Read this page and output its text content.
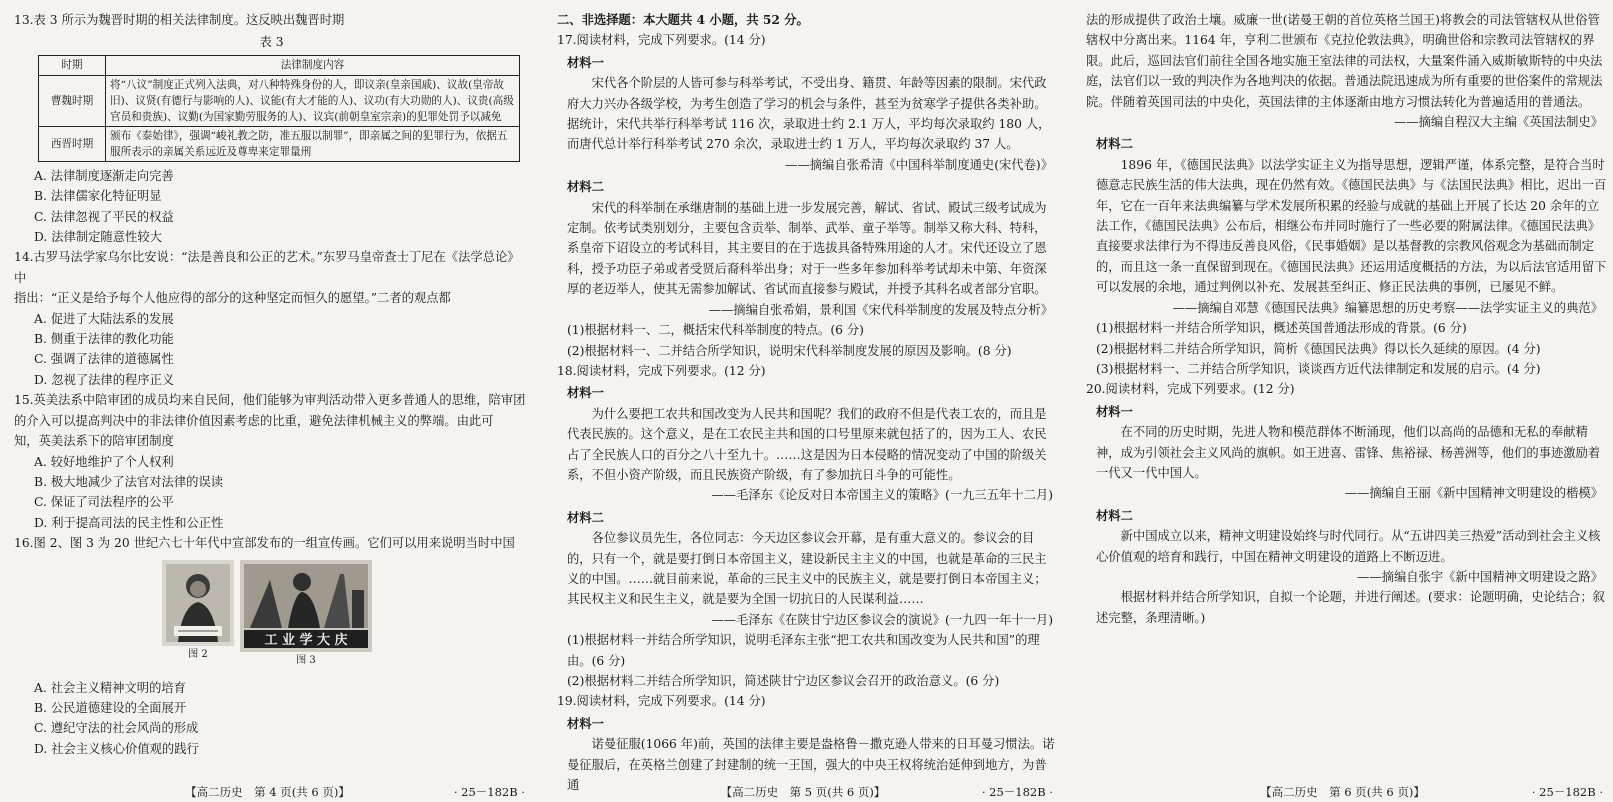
13.表 3 所示为魏晋时期的相关法律制度。这反映出魏晋时期

表 3

时期	法律制度内容
曹魏时期	将“八议”制度正式列入法典，对八种特殊身份的人，即议亲(皇亲国戚)、议故(皇帝故旧)、议贤(有德行与影响的人)、议能(有大才能的人)、议功(有大功勋的人)、议贵(高级官员和贵族)、议勤(为国家勤劳服务的人)、议宾(前朝皇室宗亲)的犯罪处罚予以减免
西晋时期	颁布《泰始律》，强调“峻礼教之防，准五服以制罪”，即亲属之间的犯罪行为，依据五服所表示的亲属关系远近及尊卑来定罪量刑

A. 法律制度逐渐走向完善

B. 法律儒家化特征明显

C. 法律忽视了平民的权益

D. 法律制定随意性较大

14.古罗马法学家乌尔比安说：“法是善良和公正的艺术。”东罗马皇帝查士丁尼在《法学总论》中

指出：“正义是给予每个人他应得的部分的这种坚定而恒久的愿望。”二者的观点都

A. 促进了大陆法系的发展

B. 侧重于法律的教化功能

C. 强调了法律的道德属性

D. 忽视了法律的程序正义

15.英美法系中陪审团的成员均来自民间，他们能够为审判活动带入更多普通人的思维，陪审团

的介入可以提高判决中的非法律价值因素考虑的比重，避免法律机械主义的弊端。由此可

知，英美法系下的陪审团制度

A. 较好地维护了个人权利

B. 极大地减少了法官对法律的误读

C. 保证了司法程序的公平

D. 利于提高司法的民主性和公正性

16.图 2、图 3 为 20 世纪六七十年代中宣部发布的一组宣传画。它们可以用来说明当时中国

图 2
工 业 学 大 庆
图 3

A. 社会主义精神文明的培育

B. 公民道德建设的全面展开

C. 遵纪守法的社会风尚的形成

D. 社会主义核心价值观的践行

【高二历史　第 4 页(共 6 页)】	· 25－182B ·

二、非选择题：本大题共 4 小题，共 52 分。

17.阅读材料，完成下列要求。(14 分)

材料一

宋代各个阶层的人皆可参与科举考试，不受出身、籍贯、年龄等因素的限制。宋代政府大力兴办各级学校，为考生创造了学习的机会与条件，甚至为贫寒学子提供各类补助。据统计，宋代共举行科举考试 116 次，录取进士约 2.1 万人，平均每次录取约 180 人，而唐代总计举行科举考试 270 余次，录取进士约 1 万人，平均每次录取约 37 人。

——摘编自张希清《中国科举制度通史(宋代卷)》

材料二

宋代的科举制在承继唐制的基础上进一步发展完善，解试、省试、殿试三级考试成为定制。依考试类别划分，主要包含贡举、制举、武举、童子举等。制举又称大科、特科，系皇帝下诏设立的考试科目，其主要目的在于选拔具备特殊用途的人才。宋代还设立了恩科，授予功臣子弟或者受贤后裔科举出身；对于一些多年参加科举考试却未中第、年资深厚的老迈举人，使其无需参加解试、省试而直接参与殿试，并授予其科名或者部分官职。

——摘编自张希娟，景利国《宋代科举制度的发展及特点分析》

(1)根据材料一、二，概括宋代科举制度的特点。(6 分)

(2)根据材料一、二并结合所学知识，说明宋代科举制度发展的原因及影响。(8 分)

18.阅读材料，完成下列要求。(12 分)

材料一

为什么要把工农共和国改变为人民共和国呢？我们的政府不但是代表工农的，而且是代表民族的。这个意义，是在工农民主共和国的口号里原来就包括了的，因为工人、农民占了全民族人口的百分之八十至九十。……这是因为日本侵略的情况变动了中国的阶级关系，不但小资产阶级，而且民族资产阶级，有了参加抗日斗争的可能性。

——毛泽东《论反对日本帝国主义的策略》(一九三五年十二月)

材料二

各位参议员先生，各位同志：今天边区参议会开幕，是有重大意义的。参议会的目的，只有一个，就是要打倒日本帝国主义，建设新民主主义的中国，也就是革命的三民主义的中国。……就目前来说，革命的三民主义中的民族主义，就是要打倒日本帝国主义；其民权主义和民生主义，就是要为全国一切抗日的人民谋利益……

——毛泽东《在陕甘宁边区参议会的演说》(一九四一年十一月)

(1)根据材料一并结合所学知识，说明毛泽东主张“把工农共和国改变为人民共和国”的理由。(6 分)

(2)根据材料二并结合所学知识，简述陕甘宁边区参议会召开的政治意义。(6 分)

19.阅读材料，完成下列要求。(14 分)

材料一

诺曼征服(1066 年)前，英国的法律主要是盎格鲁－撒克逊人带来的日耳曼习惯法。诺曼征服后，在英格兰创建了封建制的统一王国，强大的中央王权将统治延伸到地方，为普通	【高二历史　第 5 页(共 6 页)】	· 25－182B ·

法的形成提供了政治土壤。威廉一世(诺曼王朝的首位英格兰国王)将教会的司法管辖权从世俗管辖权中分离出来。1164 年，亨利二世颁布《克拉伦敦法典》，明确世俗和宗教司法管辖权的界限。此后，巡回法官们前往全国各地实施王室法律的司法权，大量案件涌入威斯敏斯特的中央法庭，法官们以一致的判决作为各地判决的依据。普通法院迅速成为所有重要的世俗案件的常规法院。伴随着英国司法的中央化，英国法律的主体逐渐由地方习惯法转化为普遍适用的普通法。

——摘编自程汉大主编《英国法制史》

材料二

1896 年，《德国民法典》以法学实证主义为指导思想，逻辑严谨，体系完整，是符合当时德意志民族生活的伟大法典，现在仍然有效。《德国民法典》与《法国民法典》相比，迟出一百年，它在一百年来法典编纂与学术发展所积累的经验与成就的基础上开展了长达 20 余年的立法工作，《德国民法典》公布后，相继公布并同时施行了一些必要的附属法律。《德国民法典》直接要求法律行为不得违反善良风俗，《民事婚姻》是以基督教的宗教风俗观念为基础而制定的，而且这一条一直保留到现在。《德国民法典》还运用适度概括的方法，为以后法官适用留下可以发展的余地，通过判例以补充、发展甚至纠正、修正民法典的事例，已屡见不鲜。

——摘编自邓慧《德国民法典》编纂思想的历史考察——法学实证主义的典范》

(1)根据材料一并结合所学知识，概述英国普通法形成的背景。(6 分)

(2)根据材料二并结合所学知识，简析《德国民法典》得以长久延续的原因。(4 分)

(3)根据材料一、二并结合所学知识，谈谈西方近代法律制定和发展的启示。(4 分)

20.阅读材料，完成下列要求。(12 分)

材料一

在不同的历史时期，先进人物和模范群体不断涌现，他们以高尚的品德和无私的奉献精神，成为引领社会主义风尚的旗帜。如王进喜、雷锋、焦裕禄、杨善洲等，他们的事迹激励着一代又一代中国人。

——摘编自王丽《新中国精神文明建设的楷模》

材料二

新中国成立以来，精神文明建设始终与时代同行。从“五讲四美三热爱”活动到社会主义核心价值观的培育和践行，中国在精神文明建设的道路上不断迈进。

——摘编自张宇《新中国精神文明建设之路》

根据材料并结合所学知识，自拟一个论题，并进行阐述。(要求：论题明确，史论结合；叙述完整，条理清晰。)

【高二历史　第 6 页(共 6 页)】	· 25－182B ·
